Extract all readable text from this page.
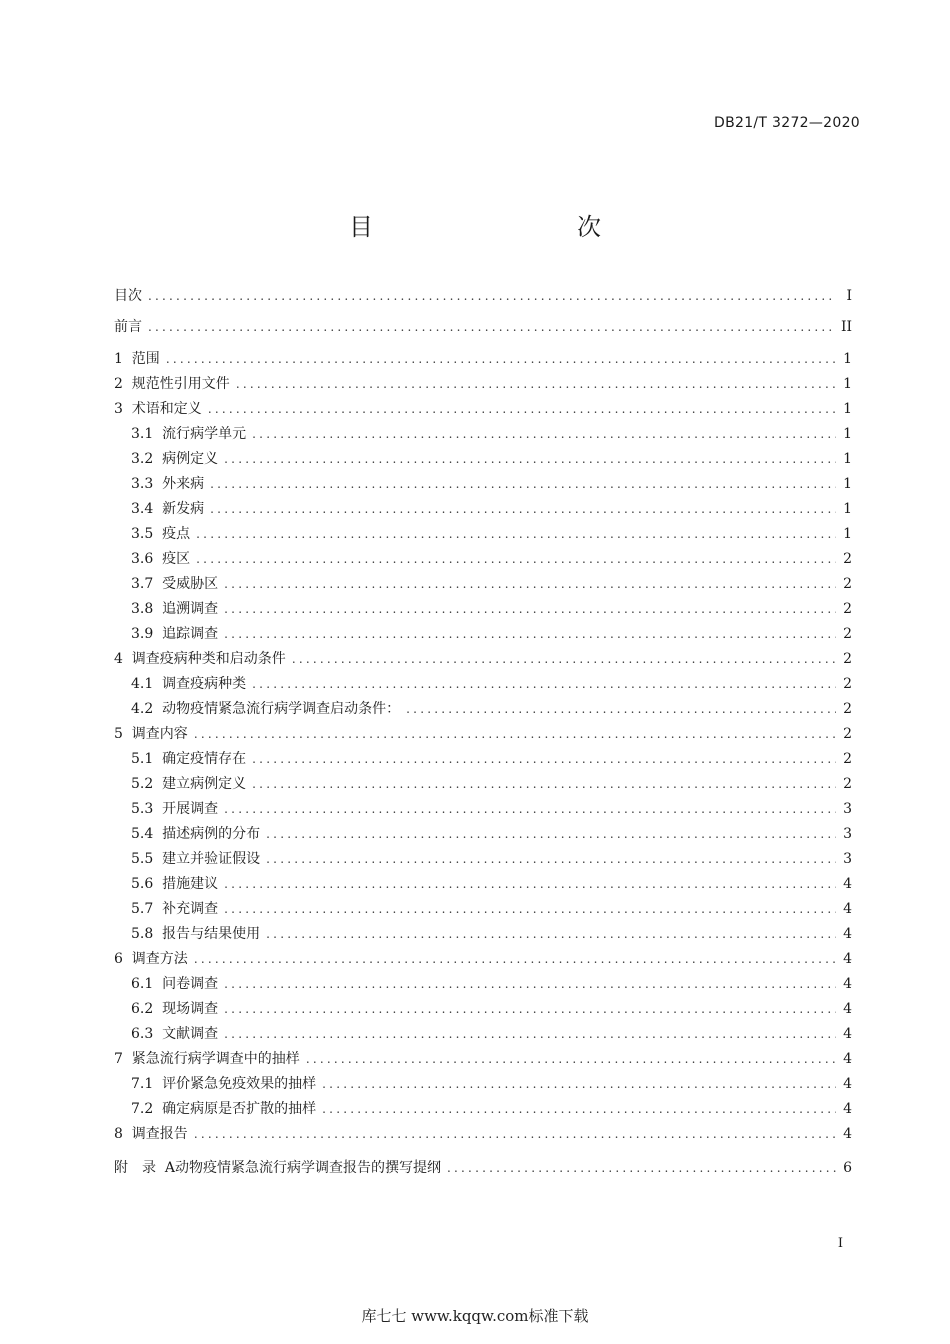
DB21/T 3272—2020
目　　次
目次 .....	I
前言 .....	II
1  范围 .....	1
2  规范性引用文件 .....	1
3  术语和定义 .....	1
3.1  流行病学单元 .....	1
3.2  病例定义 .....	1
3.3  外来病 .....	1
3.4  新发病 .....	1
3.5  疫点 .....	1
3.6  疫区 .....	2
3.7  受威胁区 .....	2
3.8  追溯调查 .....	2
3.9  追踪调查 .....	2
4  调查疫病种类和启动条件 .....	2
4.1  调查疫病种类 .....	2
4.2  动物疫情紧急流行病学调查启动条件： .....	2
5  调查内容 .....	2
5.1  确定疫情存在 .....	2
5.2  建立病例定义 .....	2
5.3  开展调查 .....	3
5.4  描述病例的分布 .....	3
5.5  建立并验证假设 .....	3
5.6  措施建议 .....	4
5.7  补充调查 .....	4
5.8  报告与结果使用 .....	4
6  调查方法 .....	4
6.1  问卷调查 .....	4
6.2  现场调查 .....	4
6.3  文献调查 .....	4
7  紧急流行病学调查中的抽样 .....	4
7.1  评价紧急免疫效果的抽样 .....	4
7.2  确定病原是否扩散的抽样 .....	4
8  调查报告 .....	4
附　录  A动物疫情紧急流行病学调查报告的撰写提纲 .....	6
I
库七七 www.kqqw.com标准下载
